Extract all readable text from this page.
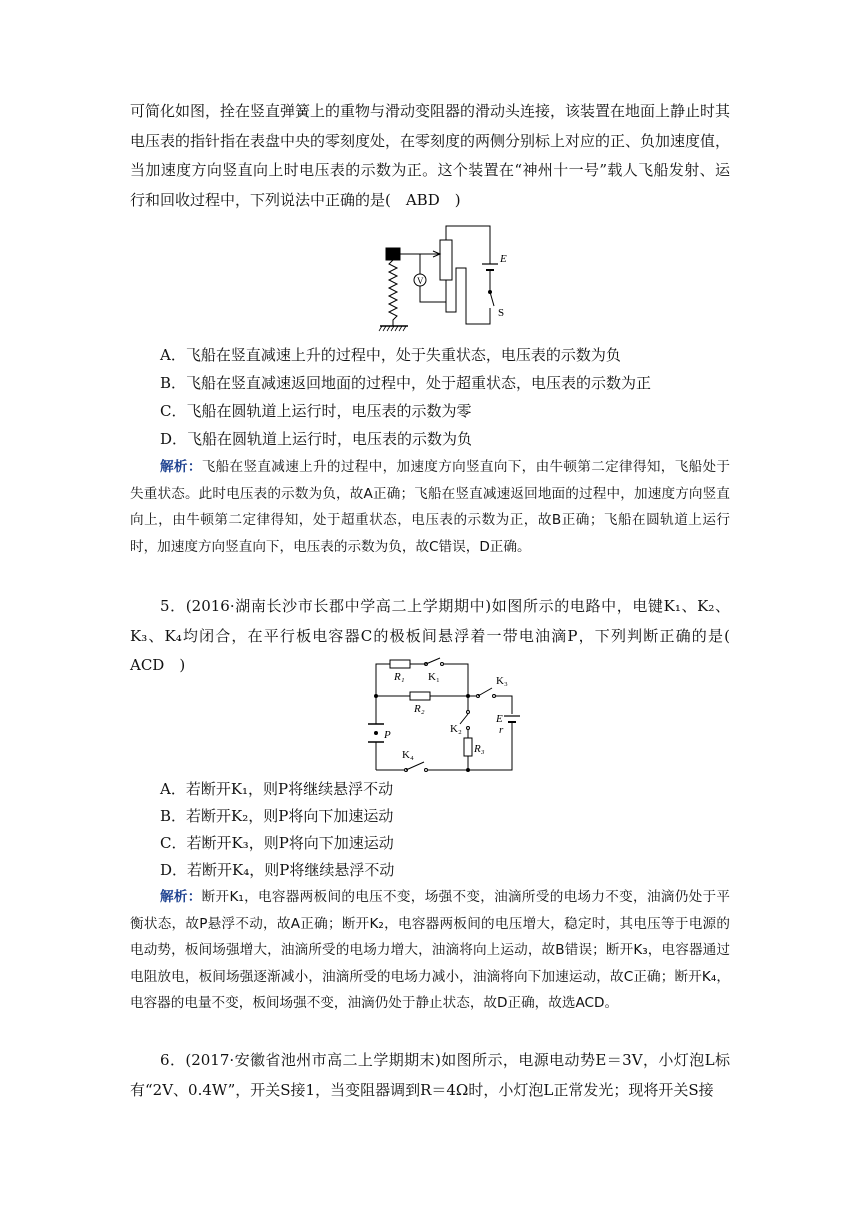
可简化如图，拴在竖直弹簧上的重物与滑动变阻器的滑动头连接，该装置在地面上静止时其电压表的指针指在表盘中央的零刻度处，在零刻度的两侧分别标上对应的正、负加速度值，当加速度方向竖直向上时电压表的示数为正。这个装置在“神州十一号”载人飞船发射、运行和回收过程中，下列说法中正确的是(　ABD　)
V
E
S
A．飞船在竖直减速上升的过程中，处于失重状态，电压表的示数为负
B．飞船在竖直减速返回地面的过程中，处于超重状态，电压表的示数为正
C．飞船在圆轨道上运行时，电压表的示数为零
D．飞船在圆轨道上运行时，电压表的示数为负
解析：飞船在竖直减速上升的过程中，加速度方向竖直向下，由牛顿第二定律得知，飞船处于失重状态。此时电压表的示数为负，故A正确；飞船在竖直减速返回地面的过程中，加速度方向竖直向上，由牛顿第二定律得知，处于超重状态，电压表的示数为正，故B正确；飞船在圆轨道上运行时，加速度方向竖直向下，电压表的示数为负，故C错误，D正确。
5．(2016·湖南长沙市长郡中学高二上学期期中)如图所示的电路中，电键K₁、K₂、K₃、K₄均闭合，在平行板电容器C的极板间悬浮着一带电油滴P，下列判断正确的是(　ACD　)
R₁ K₁
R₂
K₃
E
r
K₂
R₃
K₄
P
A．若断开K₁，则P将继续悬浮不动
B．若断开K₂，则P将向下加速运动
C．若断开K₃，则P将向下加速运动
D．若断开K₄，则P将继续悬浮不动
解析：断开K₁，电容器两板间的电压不变，场强不变，油滴所受的电场力不变，油滴仍处于平衡状态，故P悬浮不动，故A正确；断开K₂，电容器两板间的电压增大，稳定时，其电压等于电源的电动势，板间场强增大，油滴所受的电场力增大，油滴将向上运动，故B错误；断开K₃，电容器通过电阻放电，板间场强逐渐减小，油滴所受的电场力减小，油滴将向下加速运动，故C正确；断开K₄，电容器的电量不变，板间场强不变，油滴仍处于静止状态，故D正确，故选ACD。
6．(2017·安徽省池州市高二上学期期末)如图所示，电源电动势E＝3V，小灯泡L标有“2V、0.4W”，开关S接1，当变阻器调到R＝4Ω时，小灯泡L正常发光；现将开关S接
